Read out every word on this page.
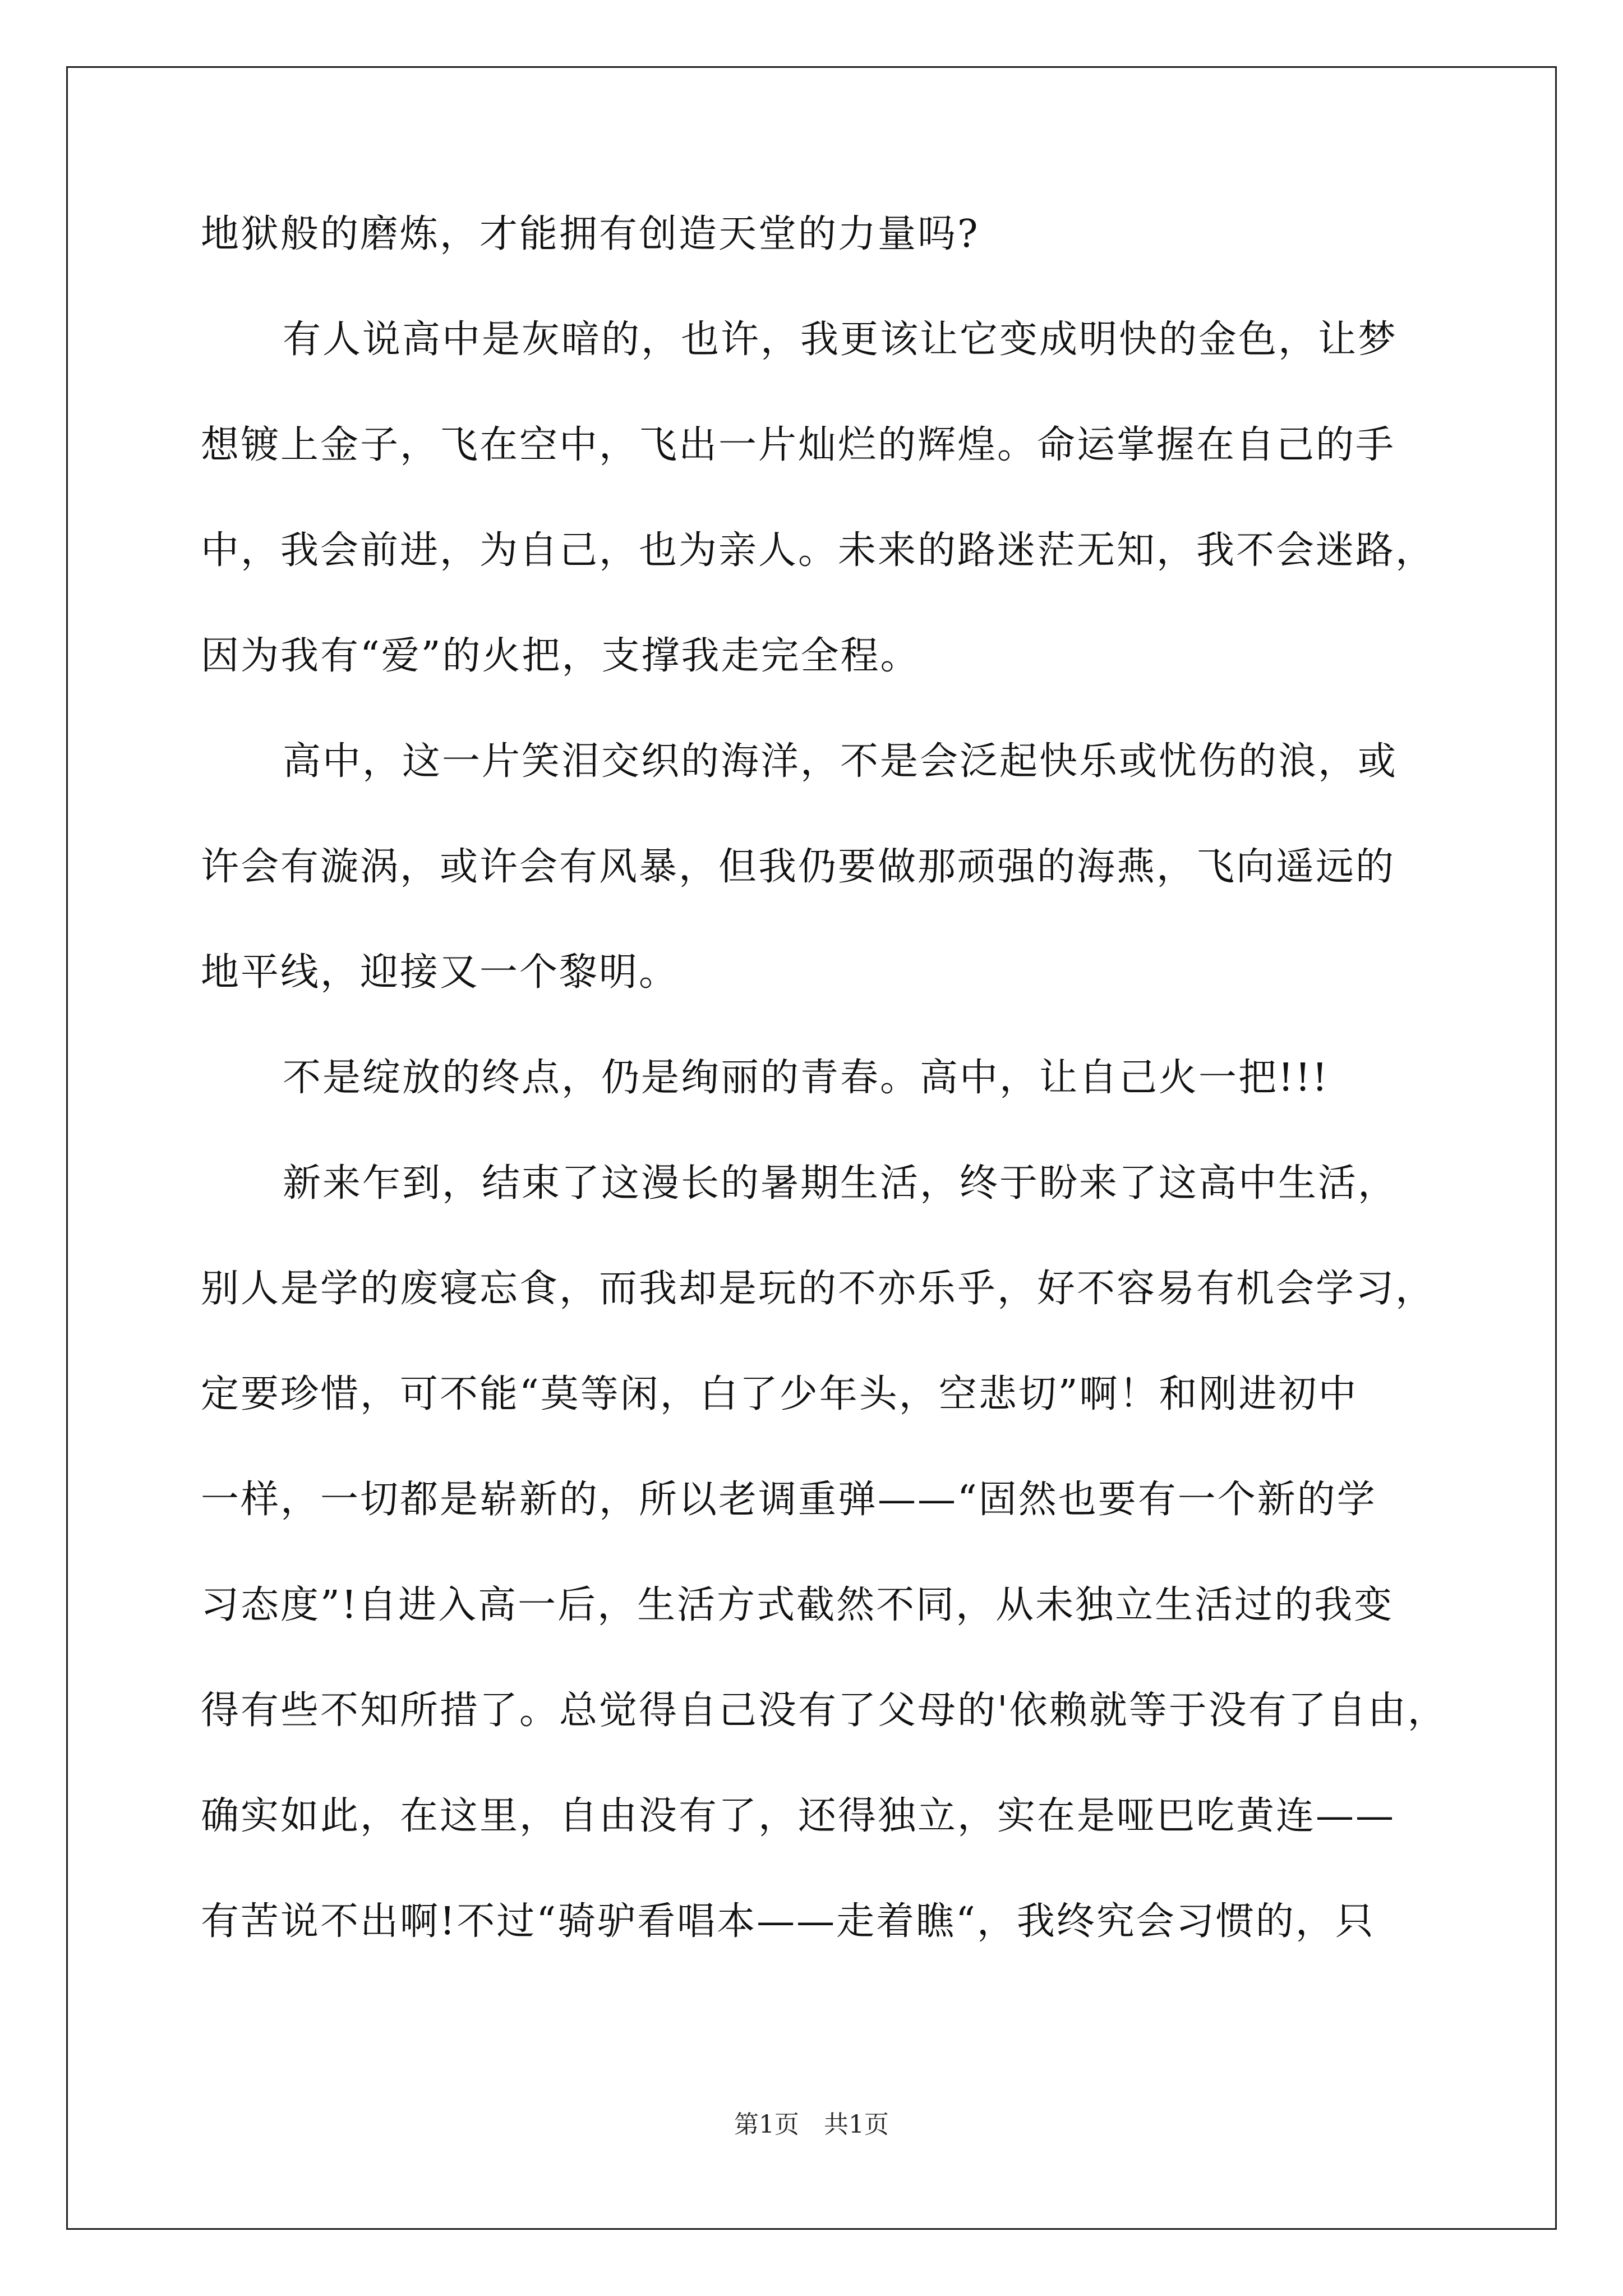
地狱般的磨炼，才能拥有创造天堂的力量吗?
有人说高中是灰暗的，也许，我更该让它变成明快的金色，让梦
想镀上金子，飞在空中，飞出一片灿烂的辉煌。命运掌握在自己的手
中，我会前进，为自己，也为亲人。未来的路迷茫无知，我不会迷路，
因为我有“爱”的火把，支撑我走完全程。
高中，这一片笑泪交织的海洋，不是会泛起快乐或忧伤的浪，或
许会有漩涡，或许会有风暴，但我仍要做那顽强的海燕，飞向遥远的
地平线，迎接又一个黎明。
不是绽放的终点，仍是绚丽的青春。高中，让自己火一把!!!
新来乍到，结束了这漫长的暑期生活，终于盼来了这高中生活，
别人是学的废寝忘食，而我却是玩的不亦乐乎，好不容易有机会学习，
定要珍惜，可不能“莫等闲，白了少年头，空悲切”啊！和刚进初中
一样，一切都是崭新的，所以老调重弹——“固然也要有一个新的学
习态度”!自进入高一后，生活方式截然不同，从未独立生活过的我变
得有些不知所措了。总觉得自己没有了父母的'依赖就等于没有了自由，
确实如此，在这里，自由没有了，还得独立，实在是哑巴吃黄连——
有苦说不出啊!不过“骑驴看唱本——走着瞧“，我终究会习惯的，只
第1页　共1页
